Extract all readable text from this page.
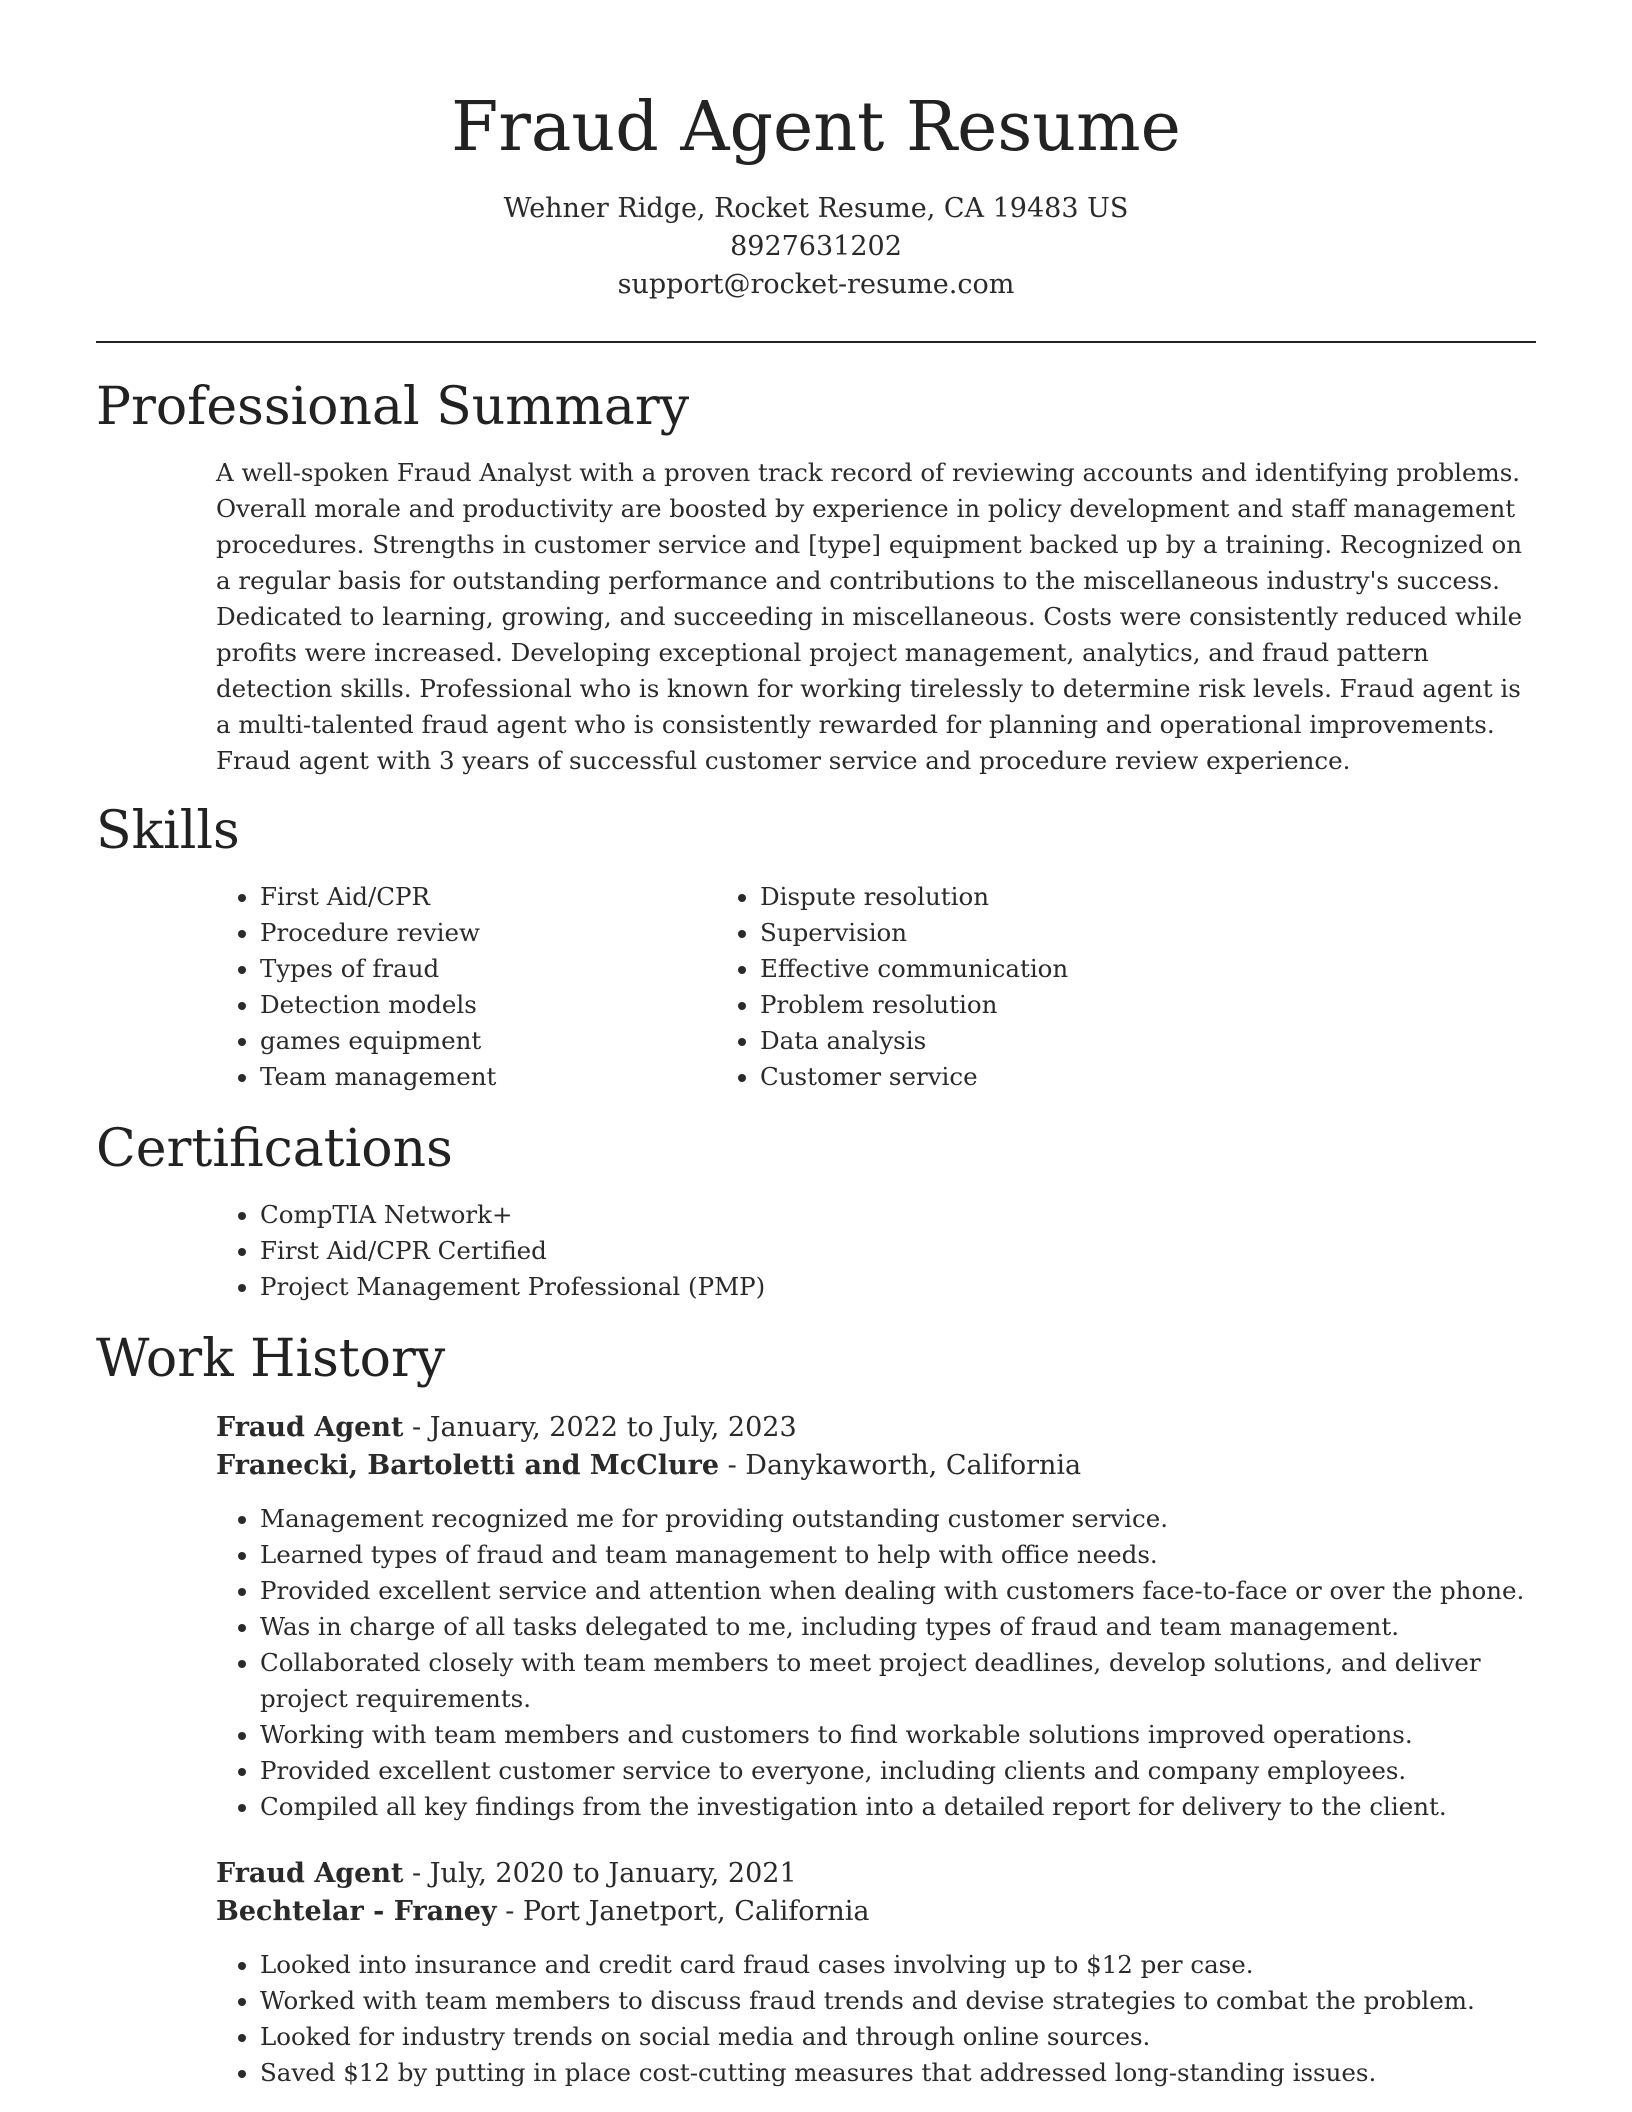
Fraud Agent Resume
Wehner Ridge, Rocket Resume, CA 19483 US
8927631202
support@rocket-resume.com
Professional Summary

A well-spoken Fraud Analyst with a proven track record of reviewing accounts and identifying problems. Overall morale and productivity are boosted by experience in policy development and staff management procedures. Strengths in customer service and [type] equipment backed up by a training. Recognized on a regular basis for outstanding performance and contributions to the miscellaneous industry's success. Dedicated to learning, growing, and succeeding in miscellaneous. Costs were consistently reduced while profits were increased. Developing exceptional project management, analytics, and fraud pattern detection skills. Professional who is known for working tirelessly to determine risk levels. Fraud agent is a multi-talented fraud agent who is consistently rewarded for planning and operational improvements. Fraud agent with 3 years of successful customer service and procedure review experience.

Skills
• First Aid/CPR
• Procedure review
• Types of fraud
• Detection models
• games equipment
• Team management
• Dispute resolution
• Supervision
• Effective communication
• Problem resolution
• Data analysis
• Customer service
Certifications
• CompTIA Network+
• First Aid/CPR Certified
• Project Management Professional (PMP)
Work History
Fraud Agent - January, 2022 to July, 2023
Franecki, Bartoletti and McClure - Danykaworth, California
• Management recognized me for providing outstanding customer service.
• Learned types of fraud and team management to help with office needs.
• Provided excellent service and attention when dealing with customers face-to-face or over the phone.
• Was in charge of all tasks delegated to me, including types of fraud and team management.
• Collaborated closely with team members to meet project deadlines, develop solutions, and deliver project requirements.
• Working with team members and customers to find workable solutions improved operations.
• Provided excellent customer service to everyone, including clients and company employees.
• Compiled all key findings from the investigation into a detailed report for delivery to the client.
Fraud Agent - July, 2020 to January, 2021
Bechtelar - Franey - Port Janetport, California
• Looked into insurance and credit card fraud cases involving up to $12 per case.
• Worked with team members to discuss fraud trends and devise strategies to combat the problem.
• Looked for industry trends on social media and through online sources.
• Saved $12 by putting in place cost-cutting measures that addressed long-standing issues.
